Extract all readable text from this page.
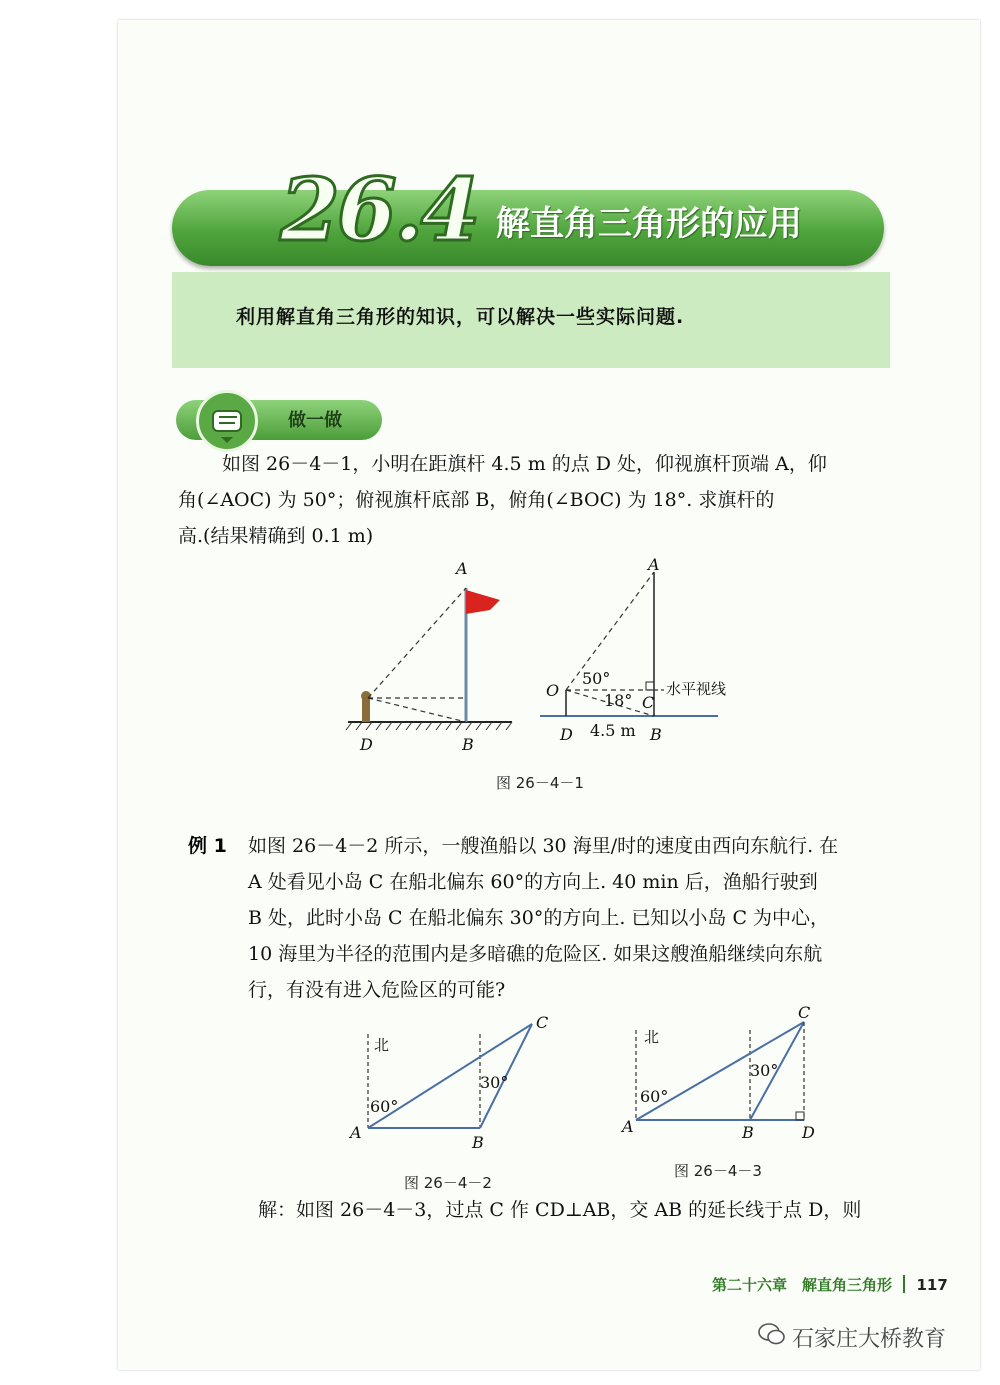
26.4 解直角三角形的应用
利用解直角三角形的知识，可以解决一些实际问题.
做一做
如图 26－4－1，小明在距旗杆 4.5 m 的点 D 处，仰视旗杆顶端 A，仰
角(∠AOC) 为 50°；俯视旗杆底部 B，俯角(∠BOC) 为 18°. 求旗杆的
高.(结果精确到 0.1 m)
A
D	B
A
O
50°
18° C
水平视线
4.5 m
D	B
图 26－4－1
例 1 如图 26－4－2 所示，一艘渔船以 30 海里/时的速度由西向东航行. 在
A 处看见小岛 C 在船北偏东 60°的方向上. 40 min 后，渔船行驶到
B 处，此时小岛 C 在船北偏东 30°的方向上. 已知以小岛 C 为中心，
10 海里为半径的范围内是多暗礁的危险区. 如果这艘渔船继续向东航
行，有没有进入危险区的可能?
北
60°
30°
A
B
C
图 26－4－2
北
60°
30°
A	B
C
D
图 26－4－3
解：如图 26－4－3，过点 C 作 CD⊥AB，交 AB 的延长线于点 D，则
第二十六章　解直角三角形 117
石家庄大桥教育
